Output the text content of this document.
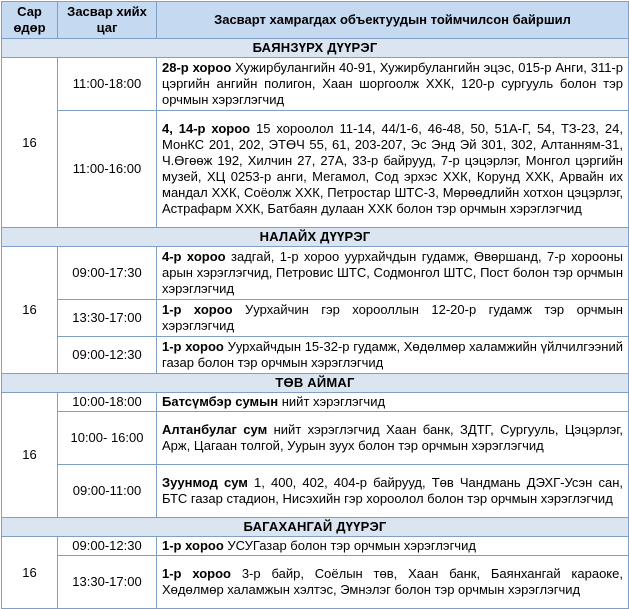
Сар өдөр	Засвар хийх цаг	Засварт хамрагдах объектуудын тоймчилсон байршил
БАЯНЗҮРХ ДҮҮРЭГ		
16	11:00-18:00	28-р хороо Хужирбулангийн 40-91, Хужирбулангийн эцэс, 015-р Анги, 311-р цэргийн ангийн полигон, Хаан шоргоолж ХХК, 120-р сургууль болон тэр орчмын хэрэглэгчид
	11:00-16:00	4, 14-р хороо 15 хороолол 11-14, 44/1-6, 46-48, 50, 51А-Г, 54, ТЗ-23, 24, МонКС 201, 202, ЭТӨЧ 55, 61, 203-207, Эс Энд Эй 301, 302, Алтанням-31, Ч.Өгөөж 192, Хилчин 27, 27А, 33-р байрууд, 7-р цэцэрлэг, Монгол цэргийн музей, ХЦ 0253-р анги, Мегамол, Сод эрхэс ХХК, Корунд ХХК, Арвайн их мандал ХХК, Соёолж ХХК, Петростар ШТС-3, Мөрөөдлийн хотхон цэцэрлэг, Астрафарм ХХК, Батбаян дулаан ХХК болон тэр орчмын хэрэглэгчид
НАЛАЙХ ДҮҮРЭГ		
16	09:00-17:30	4-р хороо задгай, 1-р хороо уурхайчдын гудамж, Өвөршанд, 7-р хорооны арын хэрэглэгчид, Петровис ШТС, Содмонгол ШТС, Пост болон тэр орчмын хэрэглэгчид
	13:30-17:00	1-р хороо Уурхайчин гэр хорооллын 12-20-р гудамж тэр орчмын хэрэглэгчид
	09:00-12:30	1-р хороо Уурхайчдын 15-32-р гудамж, Хөдөлмөр халамжийн үйлчилгээний газар болон тэр орчмын хэрэглэгчид
ТӨВ АЙМАГ		
16	10:00-18:00	Батсүмбэр сумын нийт хэрэглэгчид
	10:00- 16:00	Алтанбулаг сум нийт хэрэглэгчид Хаан банк, ЗДТГ, Сургууль, Цэцэрлэг, Арж, Цагаан толгой, Уурын зуух болон тэр орчмын хэрэглэгчид
	09:00-11:00	Зуунмод сум 1, 400, 402, 404-р байрууд, Төв Чандмань ДЭХГ-Усэн сан, БТС газар стадион, Нисэхийн гэр хороолол болон тэр орчмын хэрэглэгчид
БАГАХАНГАЙ ДҮҮРЭГ		
16	09:00-12:30	1-р хороо УСУГазар болон тэр орчмын хэрэглэгчид
	13:30-17:00	1-р хороо 3-р байр, Соёлын төв, Хаан банк, Баянхангай караоке, Хөдөлмөр халамжын хэлтэс, Эмнэлэг болон тэр орчмын хэрэглэгчид
